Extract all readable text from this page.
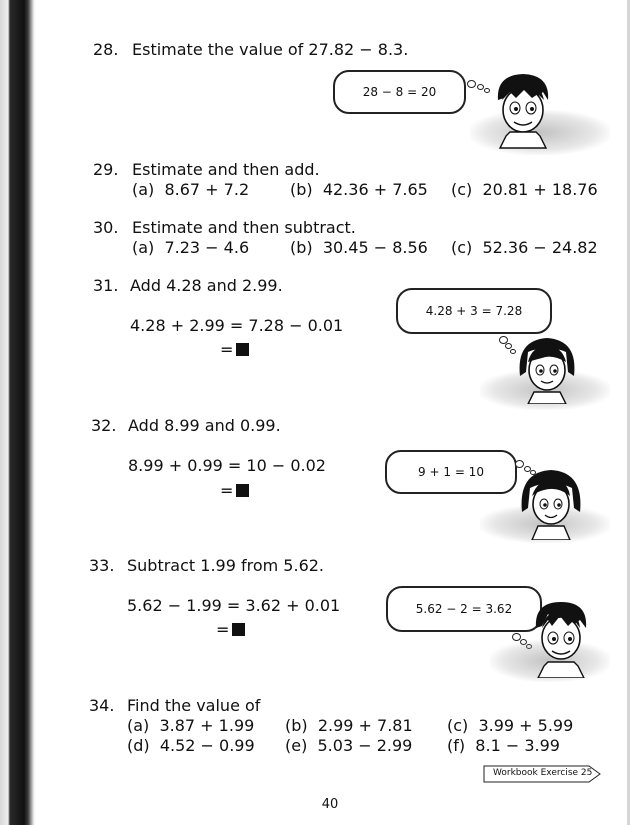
28. Estimate the value of 27.82 − 8.3.
28 − 8 = 20
29. Estimate and then add.
(a) 8.67 + 7.2	(b) 42.36 + 7.65 (c) 20.81 + 18.76
30. Estimate and then subtract.
(a) 7.23 − 4.6	(b) 30.45 − 8.56 (c) 52.36 − 24.82
31. Add 4.28 and 2.99.
4.28 + 2.99 = 7.28 − 0.01
=
4.28 + 3 = 7.28
32. Add 8.99 and 0.99.
8.99 + 0.99 = 10 − 0.02
=
9 + 1 = 10
33. Subtract 1.99 from 5.62.
5.62 − 1.99 = 3.62 + 0.01
=
5.62 − 2 = 3.62
34. Find the value of
(a) 3.87 + 1.99 (b) 2.99 + 7.81 (c) 3.99 + 5.99
(d) 4.52 − 0.99 (e) 5.03 − 2.99 (f) 8.1 − 3.99
Workbook Exercise 25
40
